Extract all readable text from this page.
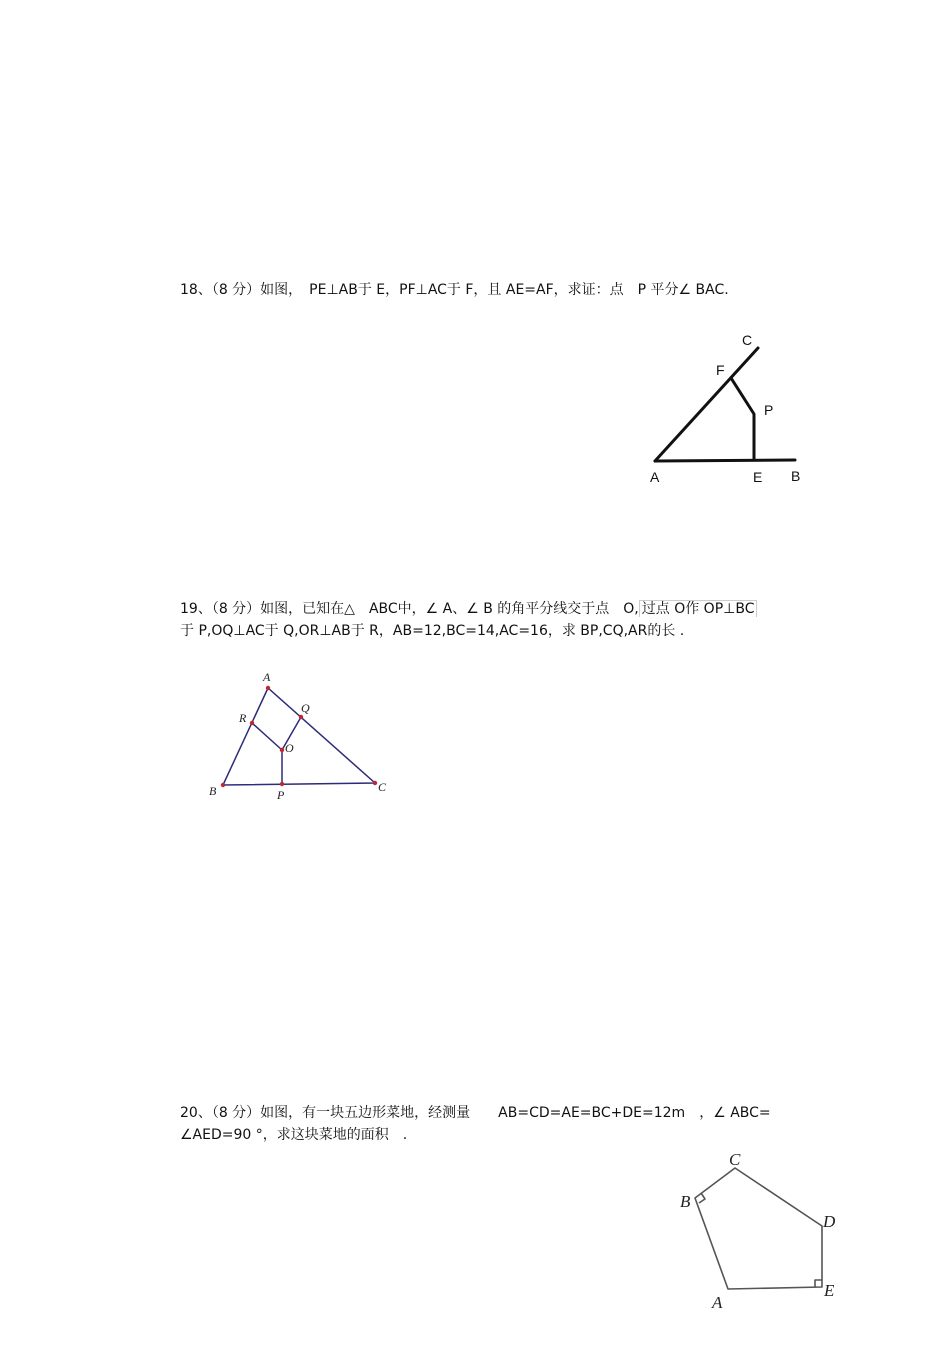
18、（8 分）如图，　PE⊥AB于 E，PF⊥AC于 F，且 AE=AF，求证：点　P 平分∠ BAC.
C
F
P
A	E B
19、（8 分）如图，已知在△　ABC中，∠ A、∠ B 的角平分线交于点　O, 过点 O作 OP⊥BC
于 P,OQ⊥AC于 Q,OR⊥AB于 R，AB=12,BC=14,AC=16，求 BP,CQ,AR的长 .
A
R
Q
O
B	P
C
20、（8 分）如图，有一块五边形菜地，经测量　　AB=CD=AE=BC+DE=12m　，∠ ABC=
∠AED=90 °，求这块菜地的面积　.
C
B
D
E
A
